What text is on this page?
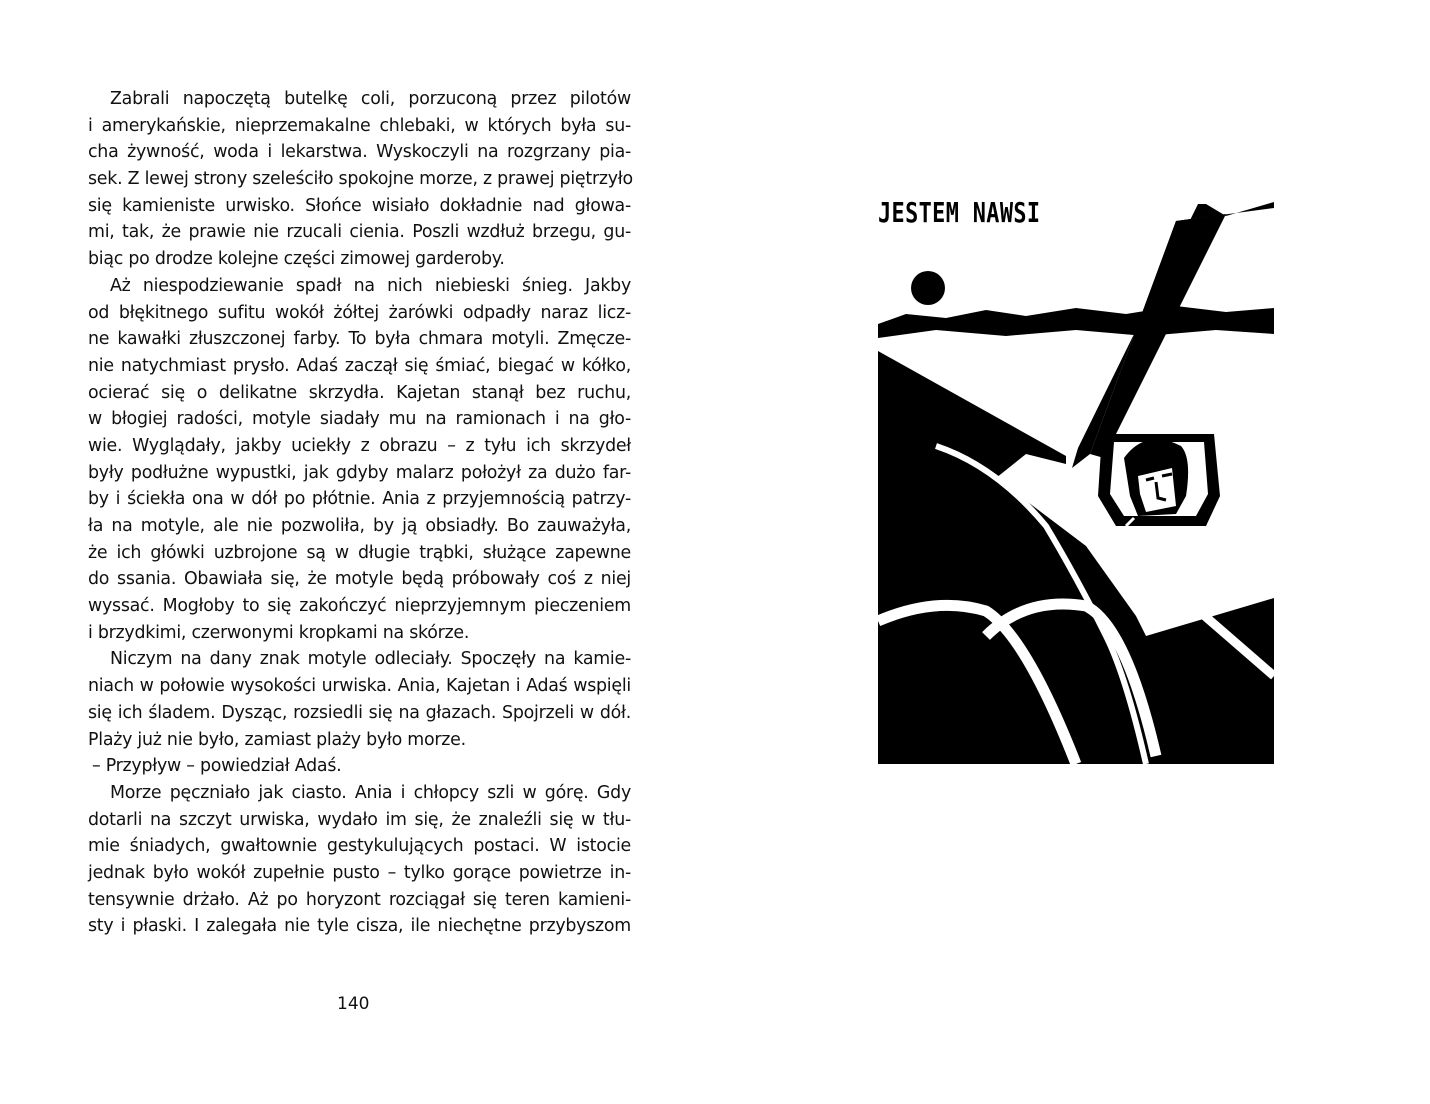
Zabrali napoczętą butelkę coli, porzuconą przez pilotów
i amerykańskie, nieprzemakalne chlebaki, w których była su-
cha żywność, woda i lekarstwa. Wyskoczyli na rozgrzany pia-
sek. Z lewej strony szeleściło spokojne morze, z prawej piętrzyło
się kamieniste urwisko. Słońce wisiało dokładnie nad głowa-
mi, tak, że prawie nie rzucali cienia. Poszli wzdłuż brzegu, gu-
biąc po drodze kolejne części zimowej garderoby.
Aż niespodziewanie spadł na nich niebieski śnieg. Jakby
od błękitnego sufitu wokół żółtej żarówki odpadły naraz licz-
ne kawałki złuszczonej farby. To była chmara motyli. Zmęcze-
nie natychmiast prysło. Adaś zaczął się śmiać, biegać w kółko,
ocierać się o delikatne skrzydła. Kajetan stanął bez ruchu,
w błogiej radości, motyle siadały mu na ramionach i na gło-
wie. Wyglądały, jakby uciekły z obrazu – z tyłu ich skrzydeł
były podłużne wypustki, jak gdyby malarz położył za dużo far-
by i ściekła ona w dół po płótnie. Ania z przyjemnością patrzy-
ła na motyle, ale nie pozwoliła, by ją obsiadły. Bo zauważyła,
że ich główki uzbrojone są w długie trąbki, służące zapewne
do ssania. Obawiała się, że motyle będą próbowały coś z niej
wyssać. Mogłoby to się zakończyć nieprzyjemnym pieczeniem
i brzydkimi, czerwonymi kropkami na skórze.
Niczym na dany znak motyle odleciały. Spoczęły na kamie-
niach w połowie wysokości urwiska. Ania, Kajetan i Adaś wspięli
się ich śladem. Dysząc, rozsiedli się na głazach. Spojrzeli w dół.
Plaży już nie było, zamiast plaży było morze.
– Przypływ – powiedział Adaś.
Morze pęczniało jak ciasto. Ania i chłopcy szli w górę. Gdy
dotarli na szczyt urwiska, wydało im się, że znaleźli się w tłu-
mie śniadych, gwałtownie gestykulujących postaci. W istocie
jednak było wokół zupełnie pusto – tylko gorące powietrze in-
tensywnie drżało. Aż po horyzont rozciągał się teren kamieni-
sty i płaski. I zalegała nie tyle cisza, ile niechętne przybyszom
140
JESTEM NAWSI
